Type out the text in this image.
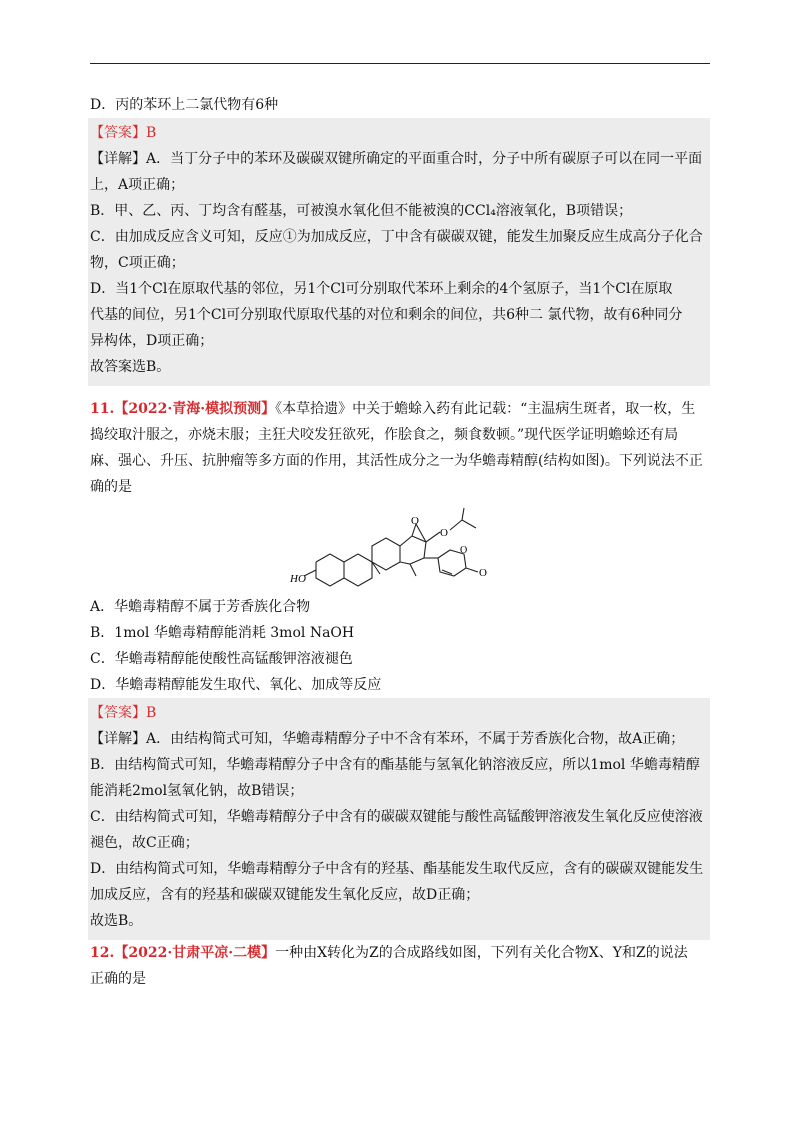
D．丙的苯环上二氯代物有6种
【答案】B
【详解】A．当丁分子中的苯环及碳碳双键所确定的平面重合时，分子中所有碳原子可以在同一平面
上，A项正确；
B．甲、乙、丙、丁均含有醛基，可被溴水氧化但不能被溴的CCl₄溶液氧化，B项错误；
C．由加成反应含义可知，反应①为加成反应，丁中含有碳碳双键，能发生加聚反应生成高分子化合
物，C项正确；
D．当1个Cl在原取代基的邻位，另1个Cl可分别取代苯环上剩余的4个氢原子，当1个Cl在原取
代基的间位，另1个Cl可分别取代原取代基的对位和剩余的间位，共6种二 氯代物，故有6种同分
异构体，D项正确；
故答案选B。
11.【2022·青海·模拟预测】《本草拾遗》中关于蟾蜍入药有此记载：“主温病生斑者，取一枚，生
捣绞取汁服之，亦烧末服；主狂犬咬发狂欲死，作脍食之，频食数顿。”现代医学证明蟾蜍还有局
麻、强心、升压、抗肿瘤等多方面的作用，其活性成分之一为华蟾毒精醇(结构如图)。下列说法不正
确的是
HO
O
O
O
O
A．华蟾毒精醇不属于芳香族化合物
B．1mol 华蟾毒精醇能消耗 3mol NaOH
C．华蟾毒精醇能使酸性高锰酸钾溶液褪色
D．华蟾毒精醇能发生取代、氧化、加成等反应
【答案】B
【详解】A．由结构简式可知，华蟾毒精醇分子中不含有苯环，不属于芳香族化合物，故A正确；
B．由结构简式可知，华蟾毒精醇分子中含有的酯基能与氢氧化钠溶液反应，所以1mol 华蟾毒精醇
能消耗2mol氢氧化钠，故B错误；
C．由结构简式可知，华蟾毒精醇分子中含有的碳碳双键能与酸性高锰酸钾溶液发生氧化反应使溶液
褪色，故C正确；
D．由结构简式可知，华蟾毒精醇分子中含有的羟基、酯基能发生取代反应，含有的碳碳双键能发生
加成反应，含有的羟基和碳碳双键能发生氧化反应，故D正确；
故选B。
12.【2022·甘肃平凉·二模】一种由X转化为Z的合成路线如图，下列有关化合物X、Y和Z的说法
正确的是
